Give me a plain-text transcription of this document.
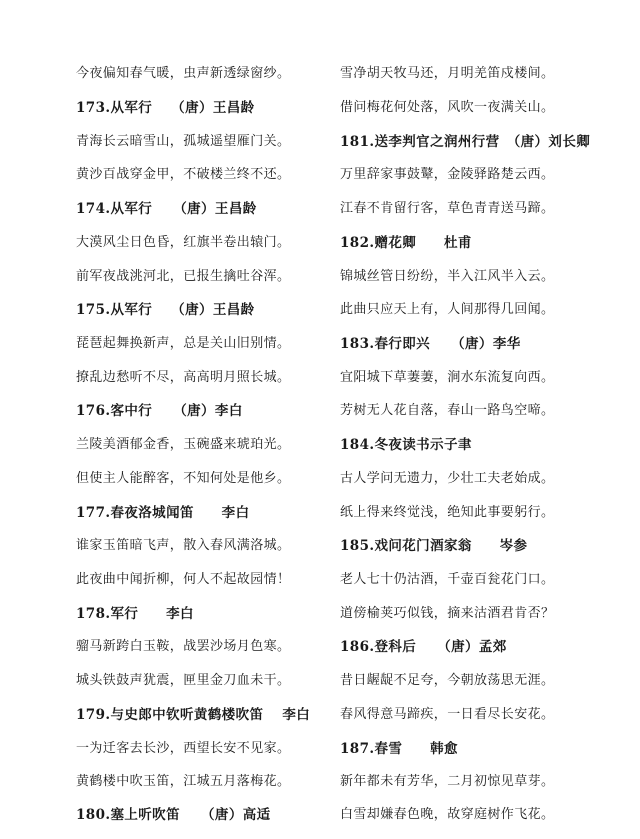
今夜偏知春气暖，虫声新透绿窗纱。
173.从军行　 （唐）王昌龄
青海长云暗雪山，孤城遥望雁门关。
黄沙百战穿金甲，不破楼兰终不还。
174.从军行　　（唐）王昌龄
大漠风尘日色昏，红旗半卷出辕门。
前军夜战洮河北，已报生擒吐谷浑。
175.从军行　 （唐）王昌龄
琵琶起舞换新声，总是关山旧别情。
撩乱边愁听不尽，高高明月照长城。
176.客中行　　（唐）李白
兰陵美酒郁金香，玉碗盛来琥珀光。
但使主人能醉客，不知何处是他乡。
177.春夜洛城闻笛　　李白
谁家玉笛暗飞声，散入春风满洛城。
此夜曲中闻折柳，何人不起故园情！
178.军行　　李白
骝马新跨白玉鞍，战罢沙场月色寒。
城头铁鼓声犹震，匣里金刀血未干。
179.与史郎中钦听黄鹤楼吹笛　 李白
一为迁客去长沙，西望长安不见家。
黄鹤楼中吹玉笛，江城五月落梅花。
180.塞上听吹笛　　（唐）高适
雪净胡天牧马还，月明羌笛戍楼间。
借问梅花何处落，风吹一夜满关山。
181.送李判官之润州行营　（唐）刘长卿
万里辞家事鼓鼙，金陵驿路楚云西。
江春不肯留行客，草色青青送马蹄。
182.赠花卿　　杜甫
锦城丝管日纷纷，半入江风半入云。
此曲只应天上有，人间那得几回闻。
183.春行即兴　　（唐）李华
宜阳城下草萋萋，涧水东流复向西。
芳树无人花自落，春山一路鸟空啼。
184.冬夜读书示子聿
古人学问无遗力，少壮工夫老始成。
纸上得来终觉浅，绝知此事要躬行。
185.戏问花门酒家翁　　岑参
老人七十仍沽酒，千壶百瓮花门口。
道傍榆荚巧似钱，摘来沽酒君肯否？
186.登科后　　（唐）孟郊
昔日龌龊不足夸，今朝放荡思无涯。
春风得意马蹄疾，一日看尽长安花。
187.春雪　　韩愈
新年都未有芳华，二月初惊见草芽。
白雪却嫌春色晚，故穿庭树作飞花。
